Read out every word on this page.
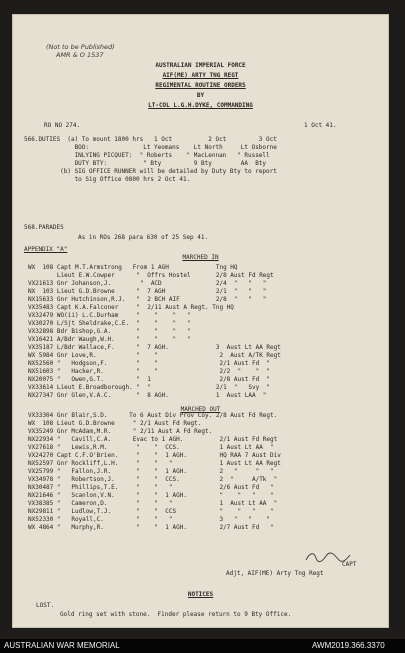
(Not to be Published)
AMR & O 1537
AUSTRALIAN IMPERIAL FORCE
AIF(ME) ARTY TNG REGT
REGIMENTAL ROUTINE ORDERS
BY
LT-COL L.G.H.DYKE, COMMANDING
RO NO 274.	1 Oct 41.
566.DUTIES  (a) To mount 1800 hrs   1 Oct          2 Oct         3 Oct
BOO:               Lt Yeomans    Lt North     Lt Osborne
INLYING PICQUET:  " Roberts    " MacLennan   " Russell
DUTY BTY:          " Bty         9 Bty        AA  Bty
(b) SIG OFFICE RUNNER will be detailed by Duty Bty to report
to Sig Office 0800 hrs 2 Oct 41.
568.PARADES
As in ROs 268 para 630 of 25 Sep 41.
APPENDIX "A"
MARCHED IN
WX  108 Capt M.T.Armstrong   From 1 AGH             Tng HQ
Lieut E.W.Cowper      "  Offrs Hostel       2/8 Aust Fd Regt
VX21613 Gnr Johanson,J.        "  ACD               2/4  "   "   "
NX  103 Lieut G.D.Browne      "  7 AGH              2/1  "   "   "
NX15633 Gnr Hutchinson,R.J.   "  2 BCH AIF          2/8  "   "   "
VX35483 Capt K.A.Falconer     "  2/11 Aust A Regt. Tng HQ
VX32479 WO(ii) L.C.Durham     "    "    "   "
VX30270 L/Sjt Sheldrake,C.E.  "    "    "   "
VX32898 Bdr Bishop,G.A.       "    "    "   "
VX16421 A/Bdr Waugh,W.H.      "    "    "   "
VX35187 L/Bdr Wallace,F.      "  7 AGH.             3  Aust Lt AA Regt
WX 5984 Gnr Love,R.           "    "                 2  Aust A/TK Regt
NX52560 "   Hodgson,F.        "    "                 2/1 Aust Fd  "
NX51603 "   Hacker,R.         "    "                 2/2  "    "  "
NX20075 "   Owen,G.T.         "  1                   2/8 Aust Fd  "
VX33614 Lieut E.Broadborough. "  "                  2/1  "   Svy  "
NX27347 Gnr Glen,V.A.C.       "  8 AGH.             1  Aust LAA  "
VX33304 Gnr Blair,S.D.      To 6 Aust Div Prov Coy. 2/8 Aust Fd Regt.
WX  108 Lieut G.D.Browne     " 2/1 Aust Fd Regt.
VX35249 Gnr McAdam,M.R.      " 2/11 Aust A Fd Regt.
NX22934 "   Cavill,C.A.      Evac to 1 AGH.          2/1 Aust Fd Regt
VX27618 "   Lewis,R.M.        "    "  CCS.           1 Aust Lt AA  "
VX24270 Capt C.F.O'Brien.     "    "  1 AGH.         HQ RAA 7 Aust Div
NX52597 Gnr Rockliff,L.H.     "    "   "             1 Aust Lt AA Regt
VX25799 "   Fallon,J.R.       "    "  1 AGH.         2   "     "   "
VX34978 "   Robertson,J.      "    "  CCS.           2  "     A/Tk  "
NX30487 "   Phillips,T.E.     "    "   "             2/6 Aust Fd   "
NX21646 "   Scanlon,V.N.      "    "  1 AGH.         "    "   "    "
VX38385 "   Cameron,D.        "    "   "             1  Aust Lt AA  "
NX29811 "   Ludlow,T.J.       "    "  CCS            "    "   "    "
NX52330 "   Royall,C.         "    "   "             3   "   "    "
WX 4864 "   Murphy,R.         "    "  1 AGH.         2/7 Aust Fd   "
MARCHED OUT
CAPT
Adjt, AIF(ME) Arty Tng Regt
NOTICES
LOST.
Gold ring set with stone.  Finder please return to 9 Bty Office.
AUSTRALIAN WAR MEMORIAL	AWM2019.366.3370
